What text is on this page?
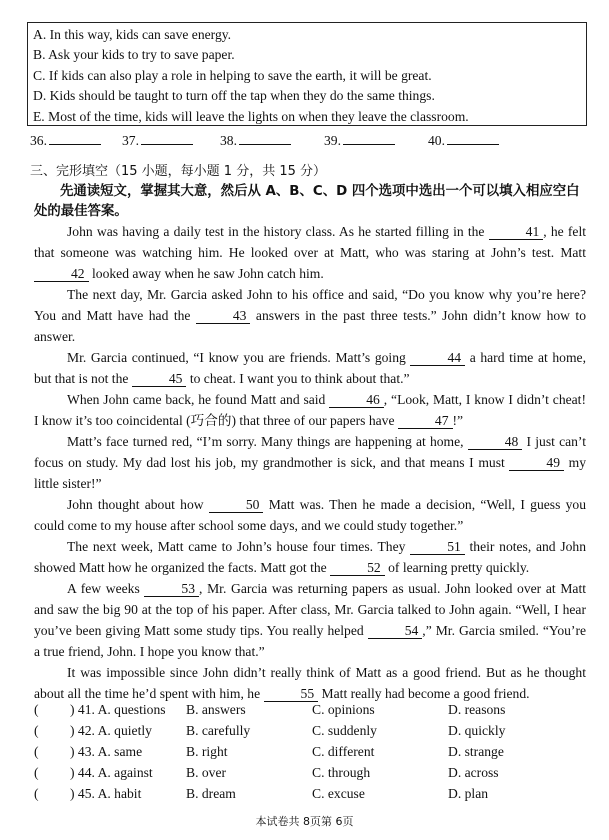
A. In this way, kids can save energy.
B. Ask your kids to try to save paper.
C. If kids can also play a role in helping to save the earth, it will be great.
D. Kids should be taught to turn off the tap when they do the same things.
E. Most of the time, kids will leave the lights on when they leave the classroom.
36.	37.	38.	39.	40.
三、完形填空（15 小题，每小题 1 分，共 15 分）
先通读短文，掌握其大意，然后从 A、B、C、D 四个选项中选出一个可以填入相应空白处的最佳答案。

John was having a daily test in the history class. As he started filling in the	41 , he felt that someone was watching him. He looked over at Matt, who was staring at John’s test. Matt 42 looked away when he saw John catch him.

The next day, Mr. Garcia asked John to his office and said, “Do you know why you’re here? You and Matt have had the	43 answers in the past three tests.” John didn’t know how to answer.

Mr. Garcia continued, “I know you are friends. Matt’s going	44 a hard time at home, but that is not the	45 to cheat. I want you to think about that.”

When John came back, he found Matt and said	46 , “Look, Matt, I know I didn’t cheat! I know it’s too coincidental (巧合的) that three of our papers have	47 !”

Matt’s face turned red, “I’m sorry. Many things are happening at home,	48 I just can’t focus on study. My dad lost his job, my grandmother is sick, and that means I must	49 my little sister!”

John thought about how	50 Matt was. Then he made a decision, “Well, I guess you could come to my house after school some days, and we could study together.”

The next week, Matt came to John’s house four times. They	51 their notes, and John showed Matt how he organized the facts. Matt got the	52 of learning pretty quickly.

A few weeks	53 , Mr. Garcia was returning papers as usual. John looked over at Matt and saw the big 90 at the top of his paper. After class, Mr. Garcia talked to John again. “Well, I hear you’ve been giving Matt some study tips. You really helped	54 ,” Mr. Garcia smiled. “You’re a true friend, John. I hope you know that.”

It was impossible since John didn’t really think of Matt as a good friend. But as he thought about all the time he’d spent with him, he	55 Matt really had become a good friend.

( ) 41. A. questions B. answers	C. opinions	D. reasons
( ) 42. A. quietly	B. carefully	C. suddenly	D. quickly
( ) 43. A. same	B. right	C. different	D. strange
( ) 44. A. against B. over	C. through	D. across
( ) 45. A. habit	B. dream	C. excuse	D. plan
本试卷共 8页第 6页
